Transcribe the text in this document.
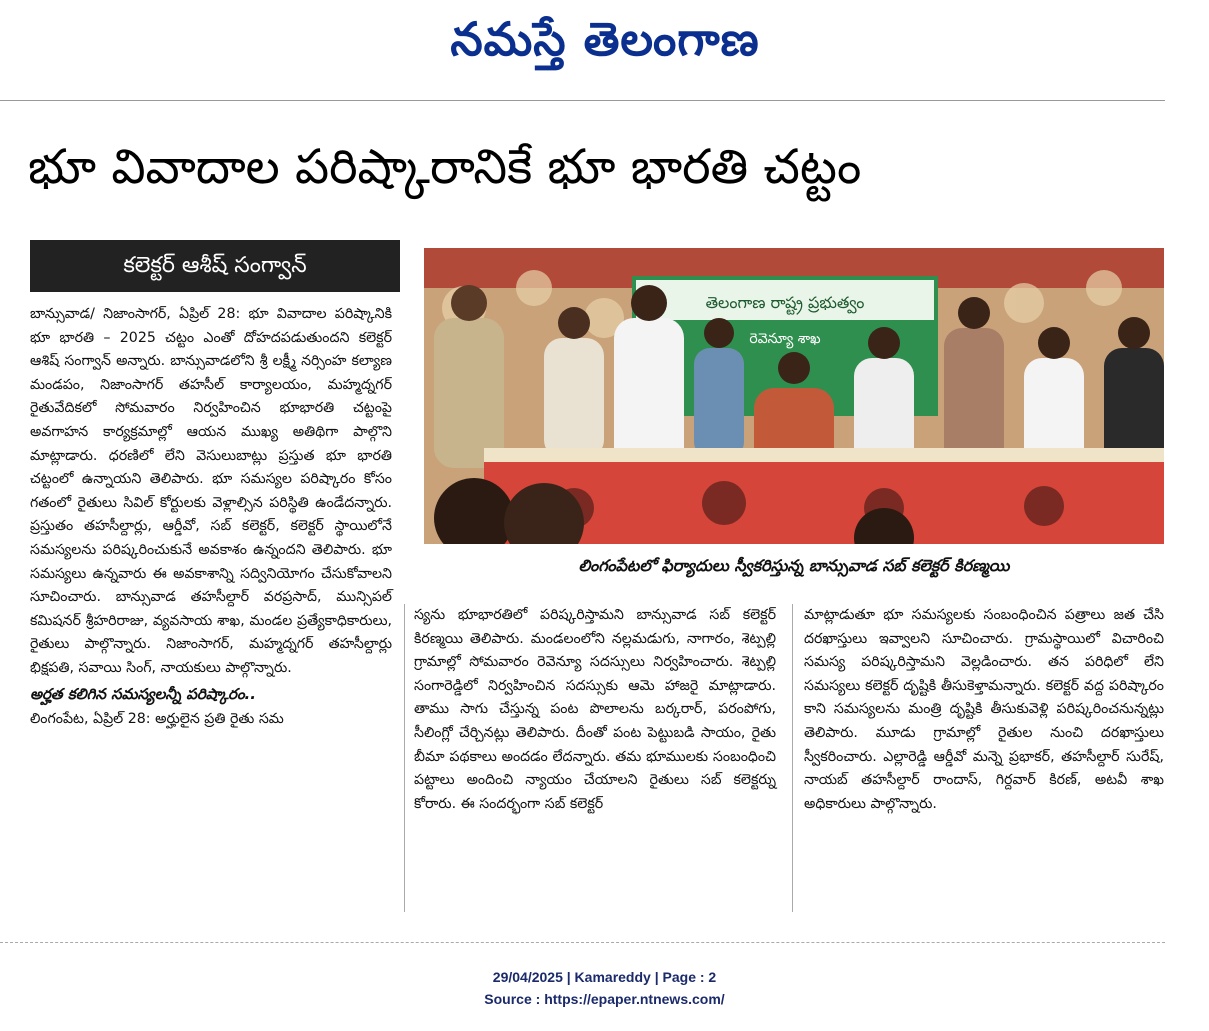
నమస్తే తెలంగాణ
భూ వివాదాల పరిష్కారానికే భూ భారతి చట్టం
కలెక్టర్ ఆశీష్ సంగ్వాన్

బాన్సువాడ/ నిజాంసాగర్, ఏప్రిల్ 28: భూ వివాదాల పరిష్కానికి భూ భారతి – 2025 చట్టం ఎంతో దోహదపడుతుందని కలెక్టర్ ఆశిష్ సంగ్వాన్ అన్నారు. బాన్సువాడలోని శ్రీ లక్ష్మీ నర్సింహ కల్యాణ మండపం, నిజాంసాగర్ తహసీల్ కార్యాలయం, మహ్మద్నగర్ రైతువేదికలో సోమవారం నిర్వహించిన భూభారతి చట్టంపై అవగాహన కార్యక్రమాల్లో ఆయన ముఖ్య అతిథిగా పాల్గొని మాట్లాడారు. ధరణిలో లేని వెసులుబాట్లు ప్రస్తుత భూ భారతి చట్టంలో ఉన్నాయని తెలిపారు. భూ సమస్యల పరిష్కారం కోసం గతంలో రైతులు సివిల్ కోర్టులకు వెళ్లాల్సిన పరిస్థితి ఉండేదన్నారు. ప్రస్తుతం తహసీల్దార్లు, ఆర్డీవో, సబ్ కలెక్టర్, కలెక్టర్ స్థాయిలోనే సమస్యలను పరిష్కరించుకునే అవకాశం ఉన్నందని తెలిపారు. భూ సమస్యలు ఉన్నవారు ఈ అవకాశాన్ని సద్వినియోగం చేసుకోవాలని సూచించారు. బాన్సువాడ తహసీల్దార్ వరప్రసాద్, మున్సిపల్ కమిషనర్ శ్రీహరిరాజు, వ్యవసాయ శాఖ, మండల ప్రత్యేకాధికారులు, రైతులు పాల్గొన్నారు. నిజాంసాగర్, మహ్మద్నగర్ తహసీల్దార్లు భిక్షపతి, సవాయి సింగ్, నాయకులు పాల్గొన్నారు.

అర్హత కలిగిన సమస్యలన్నీ పరిష్కారం..

లింగంపేట, ఏప్రిల్ 28: అర్హులైన ప్రతి రైతు సమ

తెలంగాణ రాష్ట్ర ప్రభుత్వం
రెవెన్యూ శాఖ
లింగంపేటలో ఫిర్యాదులు స్వీకరిస్తున్న బాన్సువాడ సబ్ కలెక్టర్ కిరణ్మయి

స్యను భూభారతిలో పరిష్కరిస్తామని బాన్సువాడ సబ్ కలెక్టర్ కిరణ్మయి తెలిపారు. మండలంలోని నల్లమడుగు, నాగారం, శెట్పల్లి గ్రామాల్లో సోమవారం రెవెన్యూ సదస్సులు నిర్వహించారు. శెట్పల్లి సంగారెడ్డిలో నిర్వహించిన సదస్సుకు ఆమె హాజరై మాట్లాడారు. తాము సాగు చేస్తున్న పంట పొలాలను బర్కరార్, పరంపోగు, సీలింగ్లో చేర్చినట్లు తెలిపారు. దీంతో పంట పెట్టుబడి సాయం, రైతు బీమా పథకాలు అందడం లేదన్నారు. తమ భూములకు సంబంధించి పట్టాలు అందించి న్యాయం చేయాలని రైతులు సబ్ కలెక్టర్ను కోరారు. ఈ సందర్భంగా సబ్ కలెక్టర్

మాట్లాడుతూ భూ సమస్యలకు సంబంధించిన పత్రాలు జత చేసి దరఖాస్తులు ఇవ్వాలని సూచించారు. గ్రామస్థాయిలో విచారించి సమస్య పరిష్కరిస్తామని వెల్లడించారు. తన పరిధిలో లేని సమస్యలు కలెక్టర్ దృష్టికి తీసుకెళ్తామన్నారు. కలెక్టర్ వద్ద పరిష్కారం కాని సమస్యలను మంత్రి దృష్టికి తీసుకువెళ్లి పరిష్కరించనున్నట్లు తెలిపారు. మూడు గ్రామాల్లో రైతుల నుంచి దరఖాస్తులు స్వీకరించారు. ఎల్లారెడ్డి ఆర్డీవో మన్నె ప్రభాకర్, తహసీల్దార్ సురేష్, నాయబ్ తహసీల్దార్ రాందాస్, గిర్దవార్ కిరణ్, అటవీ శాఖ అధికారులు పాల్గొన్నారు.

29/04/2025 | Kamareddy | Page : 2
Source : https://epaper.ntnews.com/
